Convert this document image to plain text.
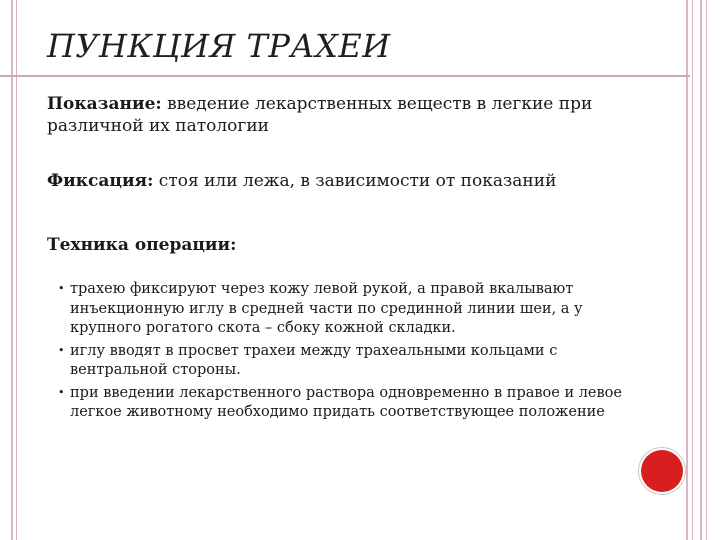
ПУНКЦИЯ ТРАХЕИ
Показание: введение лекарственных веществ в легкие при различной их патологии
Фиксация: стоя или лежа, в зависимости от показаний
Техника операции:
• трахею фиксируют через кожу левой рукой, а правой вкалывают инъекционную иглу в средней части по срединной линии шеи, а у крупного рогатого скота – сбоку кожной складки.
• иглу вводят в просвет трахеи между трахеальными кольцами с вентральной стороны.
• при введении лекарственного раствора одновременно в правое и левое легкое животному необходимо придать соответствующее положение
